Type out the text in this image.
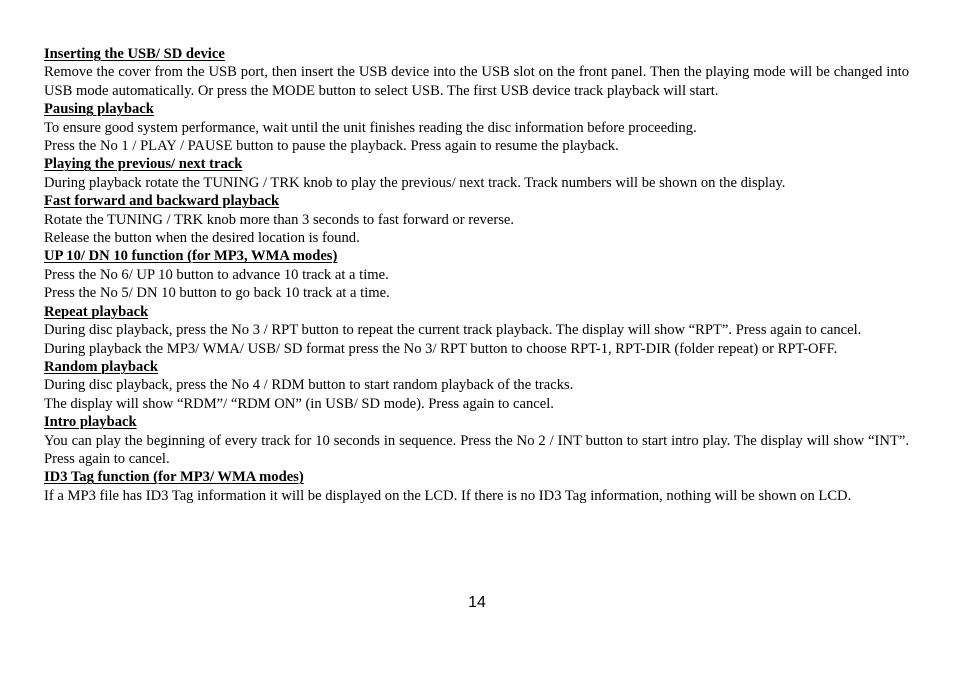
Inserting the USB/ SD device
Remove the cover from the USB port, then insert the USB device into the USB slot on the front panel. Then the playing mode will be changed into USB mode automatically. Or press the MODE button to select USB. The first USB device track playback will start.
Pausing playback
To ensure good system performance, wait until the unit finishes reading the disc information before proceeding.
Press the No 1 / PLAY / PAUSE button to pause the playback. Press again to resume the playback.
Playing the previous/ next track
During playback rotate the TUNING / TRK knob to play the previous/ next track. Track numbers will be shown on the display.
Fast forward and backward playback
Rotate the TUNING / TRK knob more than 3 seconds to fast forward or reverse.
Release the button when the desired location is found.
UP 10/ DN 10 function (for MP3, WMA modes)
Press the No 6/ UP 10 button to advance 10 track at a time.
Press the No 5/ DN 10 button to go back 10 track at a time.
Repeat playback
During disc playback, press the No 3 / RPT button to repeat the current track playback. The display will show “RPT”. Press again to cancel.
During playback the MP3/ WMA/ USB/ SD format press the No 3/ RPT button to choose RPT-1, RPT-DIR (folder repeat) or RPT-OFF.
Random playback
During disc playback, press the No 4 / RDM button to start random playback of the tracks.
The display will show “RDM”/ “RDM ON” (in USB/ SD mode). Press again to cancel.
Intro playback
You can play the beginning of every track for 10 seconds in sequence. Press the No 2 / INT button to start intro play. The display will show “INT”. Press again to cancel.
ID3 Tag function (for MP3/ WMA modes)
If a MP3 file has ID3 Tag information it will be displayed on the LCD. If there is no ID3 Tag information, nothing will be shown on LCD.
14
